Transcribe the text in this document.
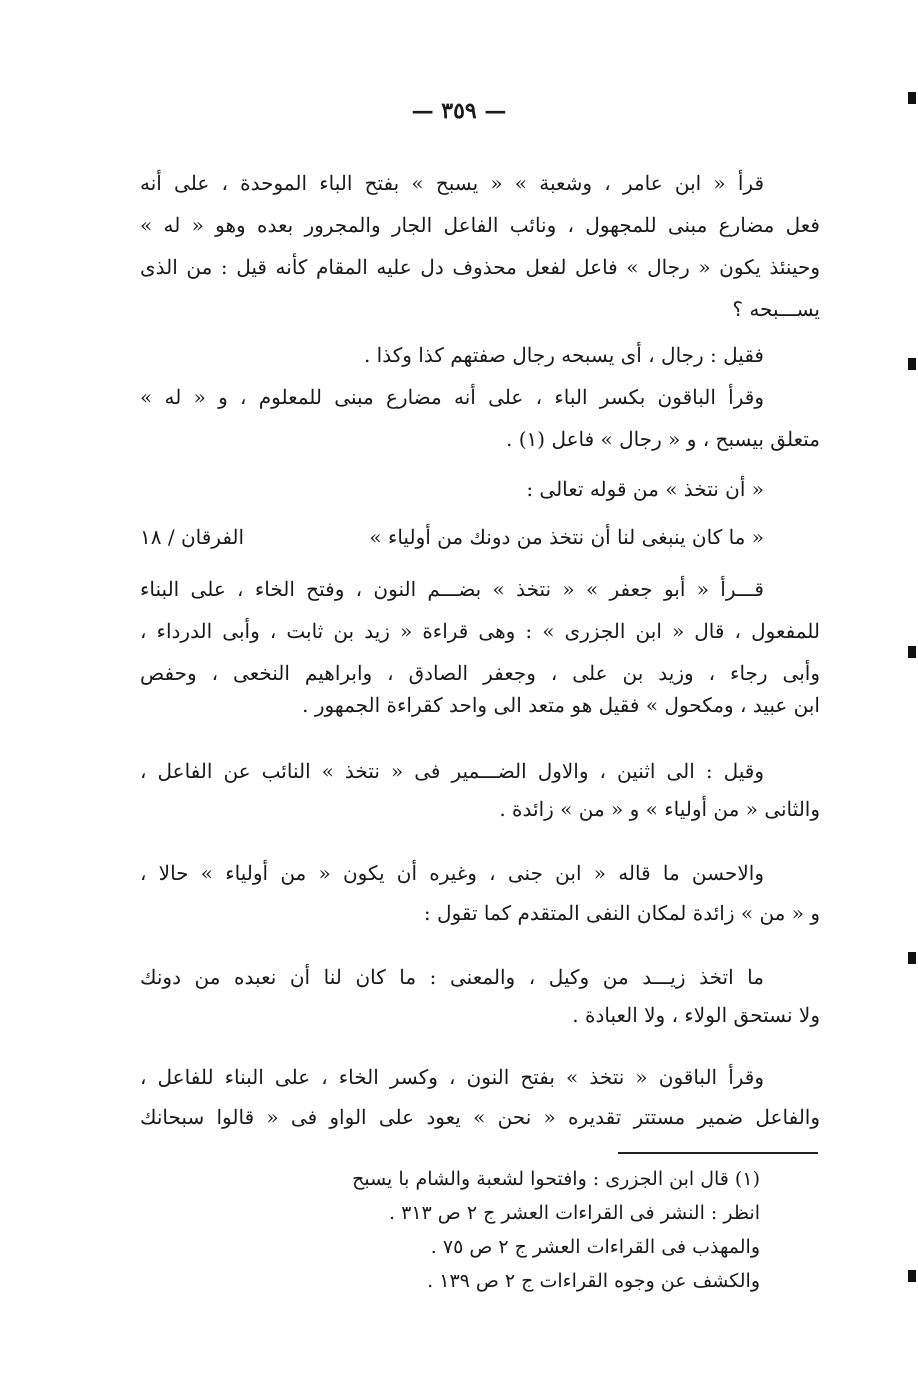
— ٣٥٩ —
قرأ « ابن عامر ، وشعبة » « يسبح » بفتح الباء الموحدة ، على أنه
فعل مضارع مبنى للمجهول ، ونائب الفاعل الجار والمجرور بعده وهو « له »
وحينئذ يكون « رجال » فاعل لفعل محذوف دل عليه المقام كأنه قيل : من الذى
يســـبحه ؟
فقيل : رجال ، أى يسبحه رجال صفتهم كذا وكذا .
وقرأ الباقون بكسر الباء ، على أنه مضارع مبنى للمعلوم ، و « له »
متعلق بيسبح ، و « رجال » فاعل (١) .
« أن نتخذ » من قوله تعالى :
« ما كان ينبغى لنا أن نتخذ من دونك من أولياء »
الفرقان / ١٨
قـــرأ « أبو جعفر » « نتخذ » بضـــم النون ، وفتح الخاء ، على البناء
للمفعول ، قال « ابن الجزرى » : وهى قراءة « زيد بن ثابت ، وأبى الدرداء ،
وأبى رجاء ، وزيد بن على ، وجعفر الصادق ، وابراهيم النخعى ، وحفص
ابن عبيد ، ومكحول » فقيل هو متعد الى واحد كقراءة الجمهور .
وقيل : الى اثنين ، والاول الضـــمير فى « نتخذ » النائب عن الفاعل ،
والثانى « من أولياء » و « من » زائدة .
والاحسن ما قاله « ابن جنى ، وغيره أن يكون « من أولياء » حالا ،
و « من » زائدة لمكان النفى المتقدم كما تقول :
ما اتخذ زيـــد من وكيل ، والمعنى : ما كان لنا أن نعبده من دونك
ولا نستحق الولاء ، ولا العبادة .
وقرأ الباقون « نتخذ » بفتح النون ، وكسر الخاء ، على البناء للفاعل ،
والفاعل ضمير مستتر تقديره « نحن » يعود على الواو فى « قالوا سبحانك
(١) قال ابن الجزرى : وافتحوا لشعبة والشام با يسبح
انظر : النشر فى القراءات العشر ج ٢ ص ٣١٣ .
والمهذب فى القراءات العشر ج ٢ ص ٧٥ .
والكشف عن وجوه القراءات ج ٢ ص ١٣٩ .
